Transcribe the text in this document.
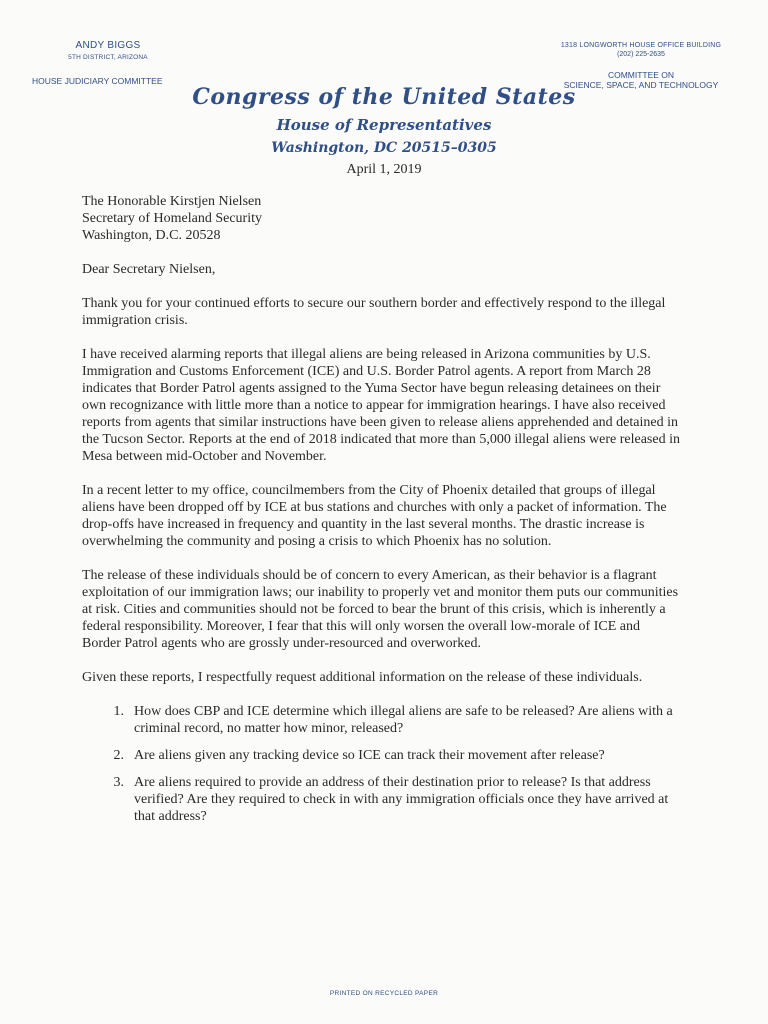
ANDY BIGGS
5TH DISTRICT, ARIZONA
HOUSE JUDICIARY COMMITTEE
1318 LONGWORTH HOUSE OFFICE BUILDING
(202) 225-2635
COMMITTEE ON
SCIENCE, SPACE, AND TECHNOLOGY
Congress of the United States
House of Representatives
Washington, DC 20515–0305
April 1, 2019
The Honorable Kirstjen Nielsen
Secretary of Homeland Security
Washington, D.C. 20528

Dear Secretary Nielsen,

Thank you for your continued efforts to secure our southern border and effectively respond to the illegal immigration crisis.

I have received alarming reports that illegal aliens are being released in Arizona communities by U.S. Immigration and Customs Enforcement (ICE) and U.S. Border Patrol agents. A report from March 28 indicates that Border Patrol agents assigned to the Yuma Sector have begun releasing detainees on their own recognizance with little more than a notice to appear for immigration hearings. I have also received reports from agents that similar instructions have been given to release aliens apprehended and detained in the Tucson Sector. Reports at the end of 2018 indicated that more than 5,000 illegal aliens were released in Mesa between mid-October and November.

In a recent letter to my office, councilmembers from the City of Phoenix detailed that groups of illegal aliens have been dropped off by ICE at bus stations and churches with only a packet of information. The drop-offs have increased in frequency and quantity in the last several months. The drastic increase is overwhelming the community and posing a crisis to which Phoenix has no solution.

The release of these individuals should be of concern to every American, as their behavior is a flagrant exploitation of our immigration laws; our inability to properly vet and monitor them puts our communities at risk. Cities and communities should not be forced to bear the brunt of this crisis, which is inherently a federal responsibility. Moreover, I fear that this will only worsen the overall low-morale of ICE and Border Patrol agents who are grossly under-resourced and overworked.

Given these reports, I respectfully request additional information on the release of these individuals.

1. How does CBP and ICE determine which illegal aliens are safe to be released? Are aliens with a criminal record, no matter how minor, released?
2. Are aliens given any tracking device so ICE can track their movement after release?
3. Are aliens required to provide an address of their destination prior to release? Is that address verified? Are they required to check in with any immigration officials once they have arrived at that address?
PRINTED ON RECYCLED PAPER
